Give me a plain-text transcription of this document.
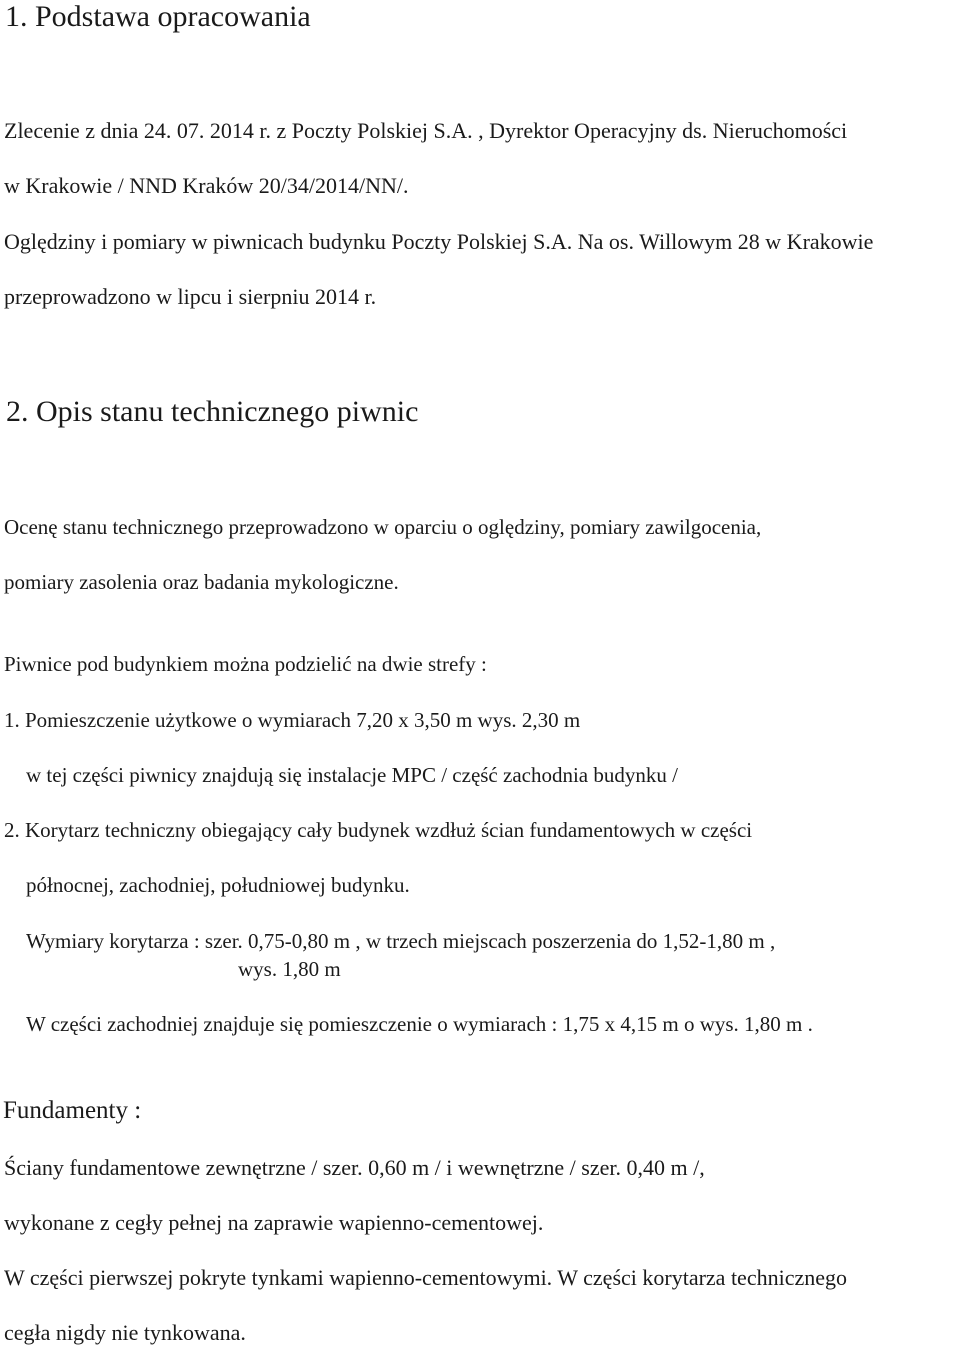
1. Podstawa opracowania
Zlecenie z dnia 24. 07. 2014 r. z Poczty Polskiej S.A. , Dyrektor Operacyjny ds. Nieruchomości
w Krakowie / NND Kraków 20/34/2014/NN/.
Oględziny i pomiary w piwnicach budynku Poczty Polskiej S.A. Na os. Willowym 28 w Krakowie
przeprowadzono w lipcu i sierpniu 2014 r.
2. Opis stanu technicznego piwnic
Ocenę stanu technicznego przeprowadzono w oparciu o oględziny, pomiary zawilgocenia,
pomiary zasolenia oraz badania mykologiczne.
Piwnice pod budynkiem można podzielić na dwie strefy :
1. Pomieszczenie użytkowe o wymiarach 7,20 x 3,50 m wys. 2,30 m
w tej części piwnicy znajdują się instalacje MPC / część zachodnia budynku /
2. Korytarz techniczny obiegający cały budynek wzdłuż ścian fundamentowych w części
północnej, zachodniej, południowej budynku.
Wymiary korytarza : szer. 0,75-0,80 m , w trzech miejscach poszerzenia do 1,52-1,80 m ,
wys. 1,80 m
W części zachodniej znajduje się pomieszczenie o wymiarach : 1,75 x 4,15 m o wys. 1,80 m .
Fundamenty :
Ściany fundamentowe zewnętrzne / szer. 0,60 m / i wewnętrzne / szer. 0,40 m /,
wykonane z cegły pełnej na zaprawie wapienno-cementowej.
W części pierwszej pokryte tynkami wapienno-cementowymi. W części korytarza technicznego
cegła nigdy nie tynkowana.
